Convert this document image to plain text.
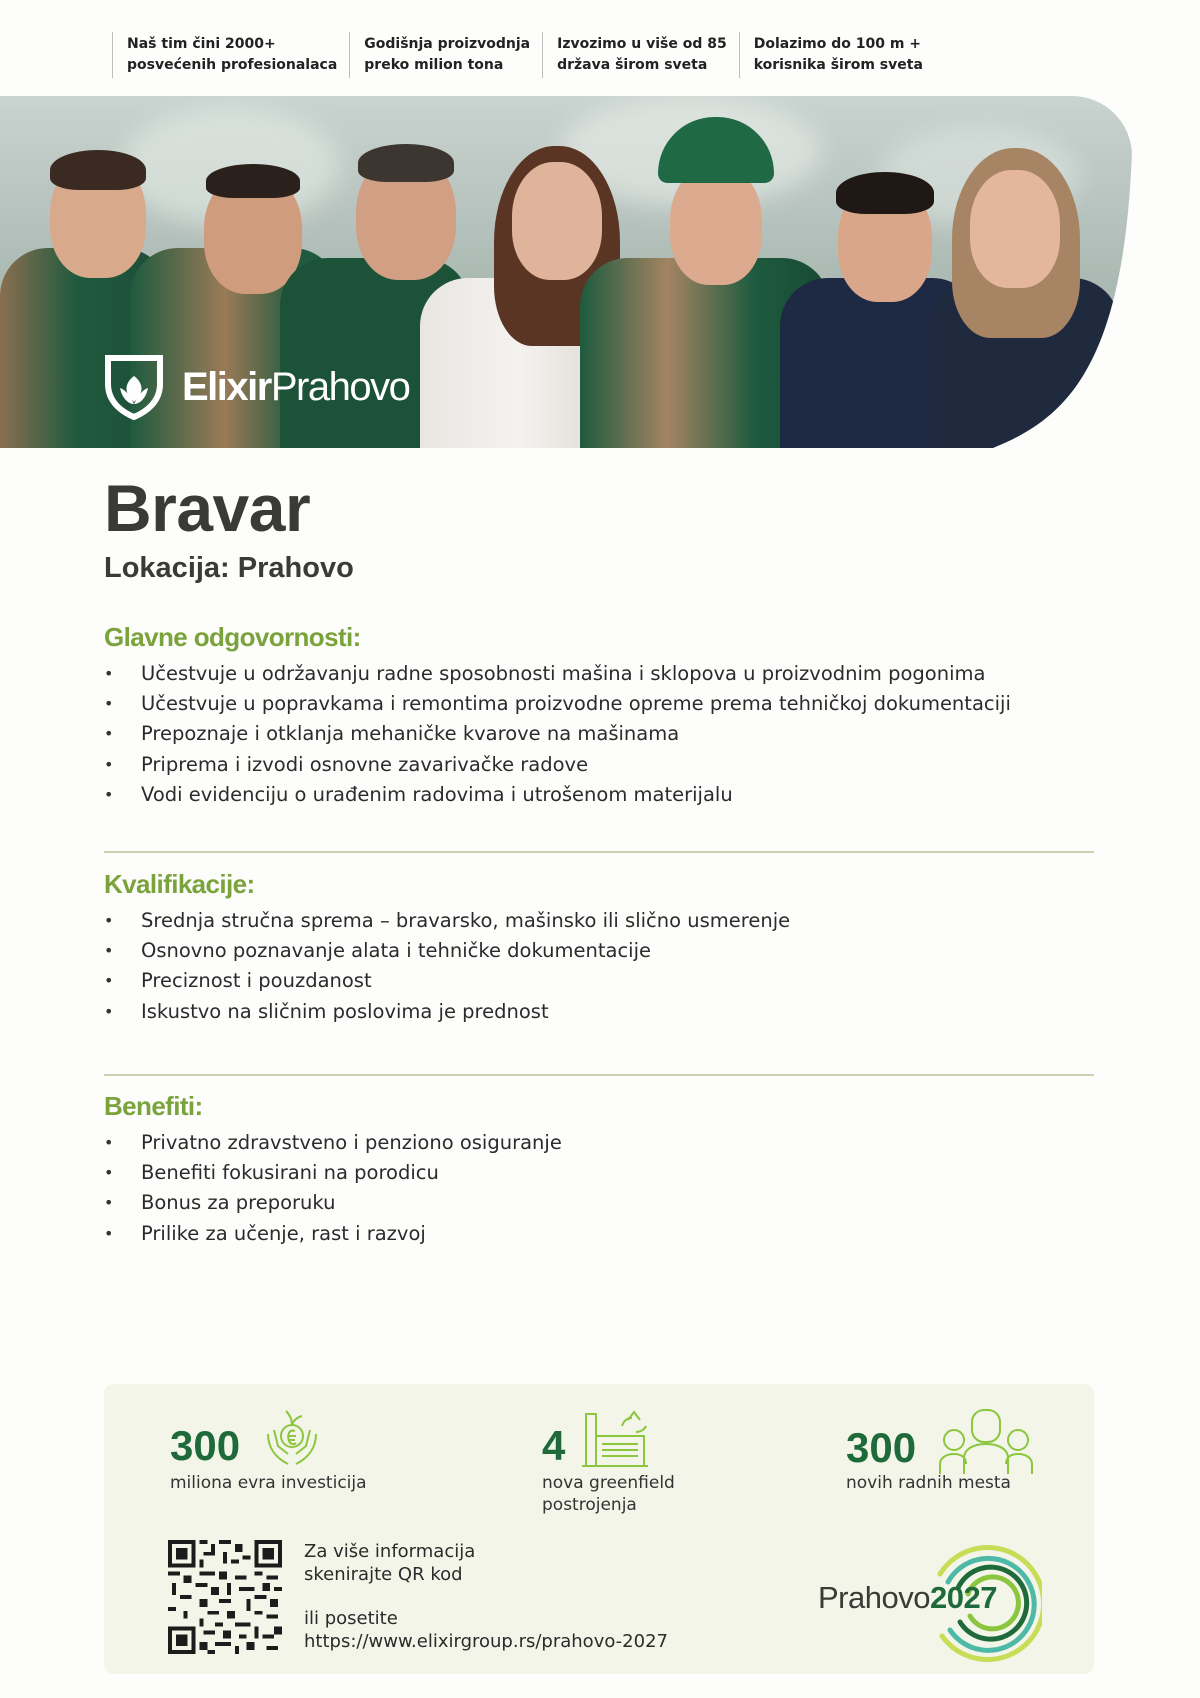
Naš tim čini 2000+
posvećenih profesionalaca
Godišnja proizvodnja
preko milion tona
Izvozimo u više od 85
država širom sveta
Dolazimo do 100 m +
korisnika širom sveta
ElixirPrahovo
Bravar
Lokacija: Prahovo
Glavne odgovornosti:
• Učestvuje u održavanju radne sposobnosti mašina i sklopova u proizvodnim pogonima
• Učestvuje u popravkama i remontima proizvodne opreme prema tehničkoj dokumentaciji
• Prepoznaje i otklanja mehaničke kvarove na mašinama
• Priprema i izvodi osnovne zavarivačke radove
• Vodi evidenciju o urađenim radovima i utrošenom materijalu
Kvalifikacije:
• Srednja stručna sprema – bravarsko, mašinsko ili slično usmerenje
• Osnovno poznavanje alata i tehničke dokumentacije
• Preciznost i pouzdanost
• Iskustvo na sličnim poslovima je prednost
Benefiti:
• Privatno zdravstveno i penziono osiguranje
• Benefiti fokusirani na porodicu
• Bonus za preporuku
• Prilike za učenje, rast i razvoj
300
miliona evra investicija
4
nova greenfield
postrojenja
300
novih radnih mesta
Za više informacija
skenirajte QR kod
ili posetite
https://www.elixirgroup.rs/prahovo-2027
Prahovo2027
